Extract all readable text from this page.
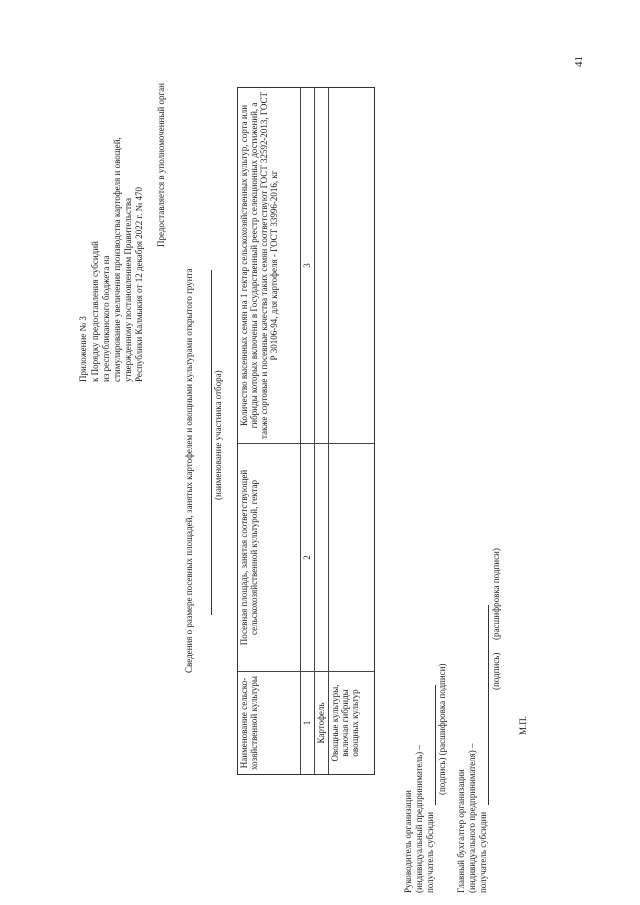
41
Приложение № 3 к Порядку предоставления субсидий из республиканского бюджета на стимулирование увеличения производства картофеля и овощей, утвержденному постановлением Правительства Республики Калмыкия от 12 декабря 2022 г. № 470
Предоставляется в уполномоченный орган
Сведения о размере посевных площадей, занятых картофелем и овощными культурами открытого грунта (наименование участника отбора)
Наименование сельско-хозяйственной культуры
Посевная площадь, занятая соответствующей сельскохозяйственной культурой, гектар
Количество высеянных семян на 1 гектар сельскохозяйственных культур, сорта или гибриды которых включены в Государственный реестр селекционных достижений, а также сортовые и посевные качества таких семян соответствуют ГОСТ 32592-2013, ГОСТ Р 30106-94, для картофеля - ГОСТ 33996-2016, кг
1
2
3
Картофель Овощные культуры, включая гибриды овощных культур
Руководитель организации (индивидуальный предприниматель) – получатель субсидии
(подпись) (расшифровка подписи)
Главный бухгалтер организации (индивидуального предпринимателя) – получатель субсидии
(подпись)
(расшифровка подписи)
М.П.
